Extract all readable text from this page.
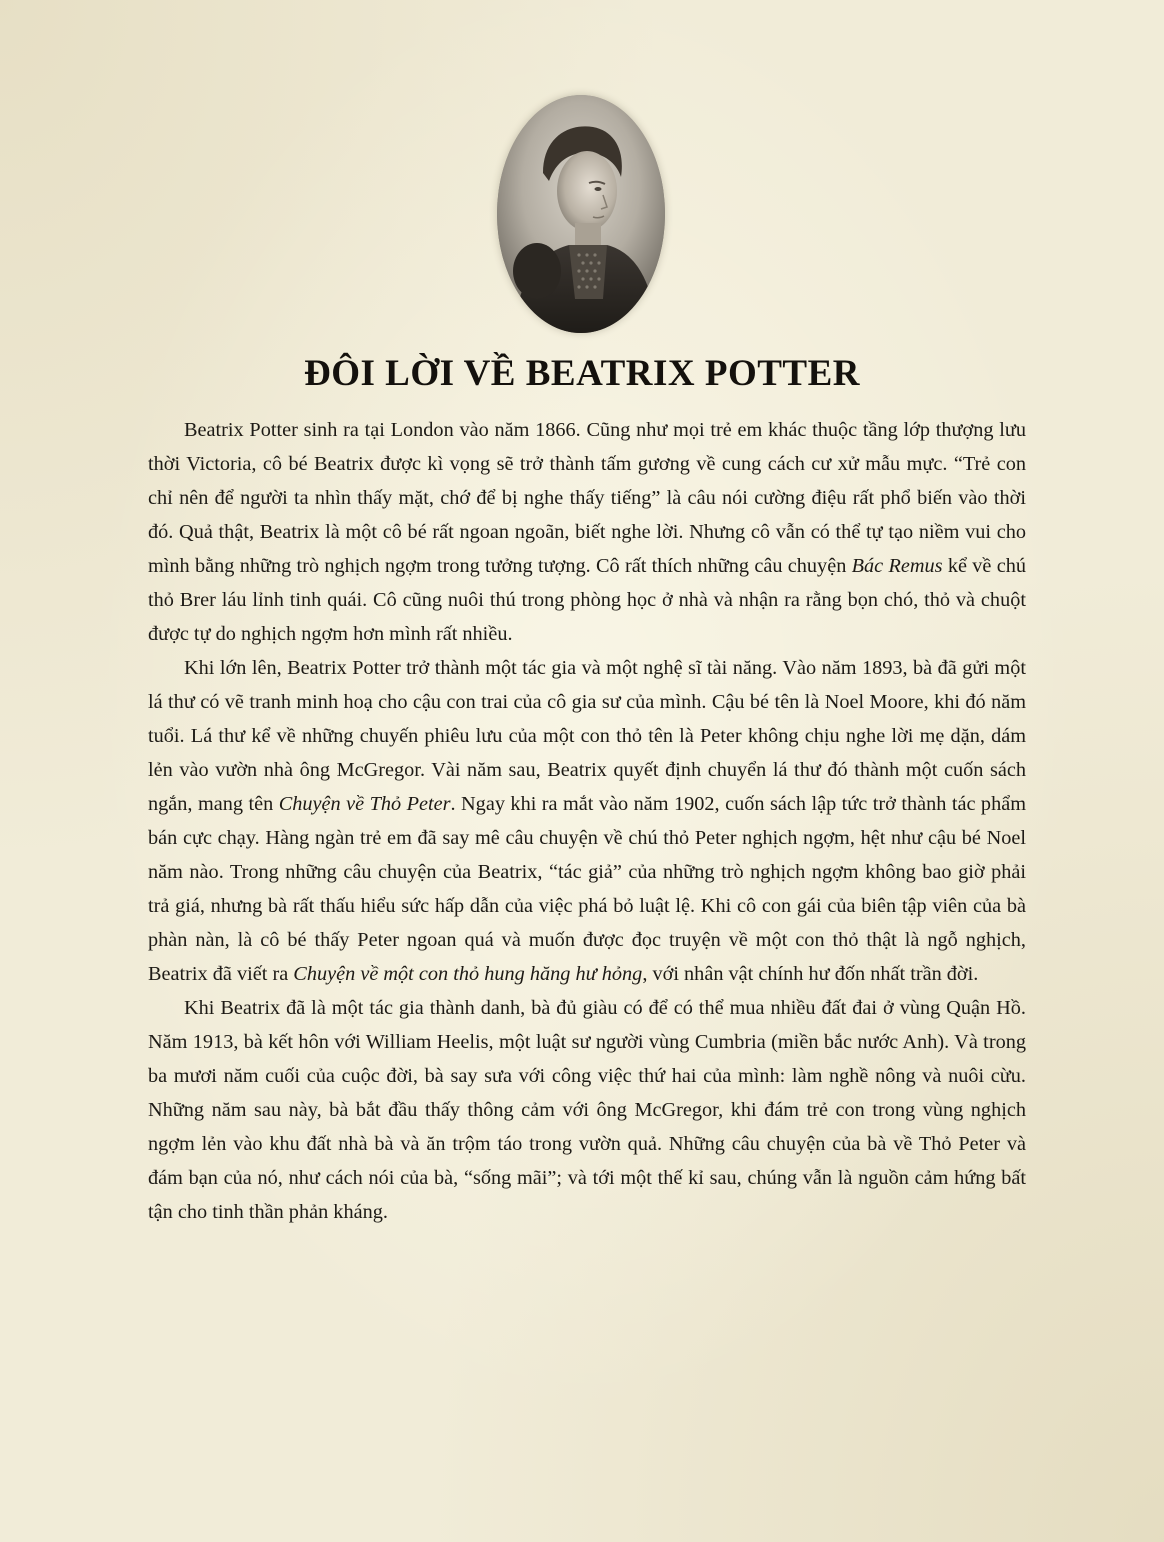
ĐÔI LỜI VỀ BEATRIX POTTER

Beatrix Potter sinh ra tại London vào năm 1866. Cũng như mọi trẻ em khác thuộc tầng lớp thượng lưu thời Victoria, cô bé Beatrix được kì vọng sẽ trở thành tấm gương về cung cách cư xử mẫu mực. “Trẻ con chỉ nên để người ta nhìn thấy mặt, chớ để bị nghe thấy tiếng” là câu nói cường điệu rất phổ biến vào thời đó. Quả thật, Beatrix là một cô bé rất ngoan ngoãn, biết nghe lời. Nhưng cô vẫn có thể tự tạo niềm vui cho mình bằng những trò nghịch ngợm trong tưởng tượng. Cô rất thích những câu chuyện Bác Remus kể về chú thỏ Brer láu lỉnh tinh quái. Cô cũng nuôi thú trong phòng học ở nhà và nhận ra rằng bọn chó, thỏ và chuột được tự do nghịch ngợm hơn mình rất nhiều.

Khi lớn lên, Beatrix Potter trở thành một tác gia và một nghệ sĩ tài năng. Vào năm 1893, bà đã gửi một lá thư có vẽ tranh minh hoạ cho cậu con trai của cô gia sư của mình. Cậu bé tên là Noel Moore, khi đó năm tuổi. Lá thư kể về những chuyến phiêu lưu của một con thỏ tên là Peter không chịu nghe lời mẹ dặn, dám lẻn vào vườn nhà ông McGregor. Vài năm sau, Beatrix quyết định chuyển lá thư đó thành một cuốn sách ngắn, mang tên Chuyện về Thỏ Peter. Ngay khi ra mắt vào năm 1902, cuốn sách lập tức trở thành tác phẩm bán cực chạy. Hàng ngàn trẻ em đã say mê câu chuyện về chú thỏ Peter nghịch ngợm, hệt như cậu bé Noel năm nào. Trong những câu chuyện của Beatrix, “tác giả” của những trò nghịch ngợm không bao giờ phải trả giá, nhưng bà rất thấu hiểu sức hấp dẫn của việc phá bỏ luật lệ. Khi cô con gái của biên tập viên của bà phàn nàn, là cô bé thấy Peter ngoan quá và muốn được đọc truyện về một con thỏ thật là ngỗ nghịch, Beatrix đã viết ra Chuyện về một con thỏ hung hăng hư hỏng, với nhân vật chính hư đốn nhất trần đời.

Khi Beatrix đã là một tác gia thành danh, bà đủ giàu có để có thể mua nhiều đất đai ở vùng Quận Hồ. Năm 1913, bà kết hôn với William Heelis, một luật sư người vùng Cumbria (miền bắc nước Anh). Và trong ba mươi năm cuối của cuộc đời, bà say sưa với công việc thứ hai của mình: làm nghề nông và nuôi cừu. Những năm sau này, bà bắt đầu thấy thông cảm với ông McGregor, khi đám trẻ con trong vùng nghịch ngợm lẻn vào khu đất nhà bà và ăn trộm táo trong vườn quả. Những câu chuyện của bà về Thỏ Peter và đám bạn của nó, như cách nói của bà, “sống mãi”; và tới một thế kỉ sau, chúng vẫn là nguồn cảm hứng bất tận cho tinh thần phản kháng.
